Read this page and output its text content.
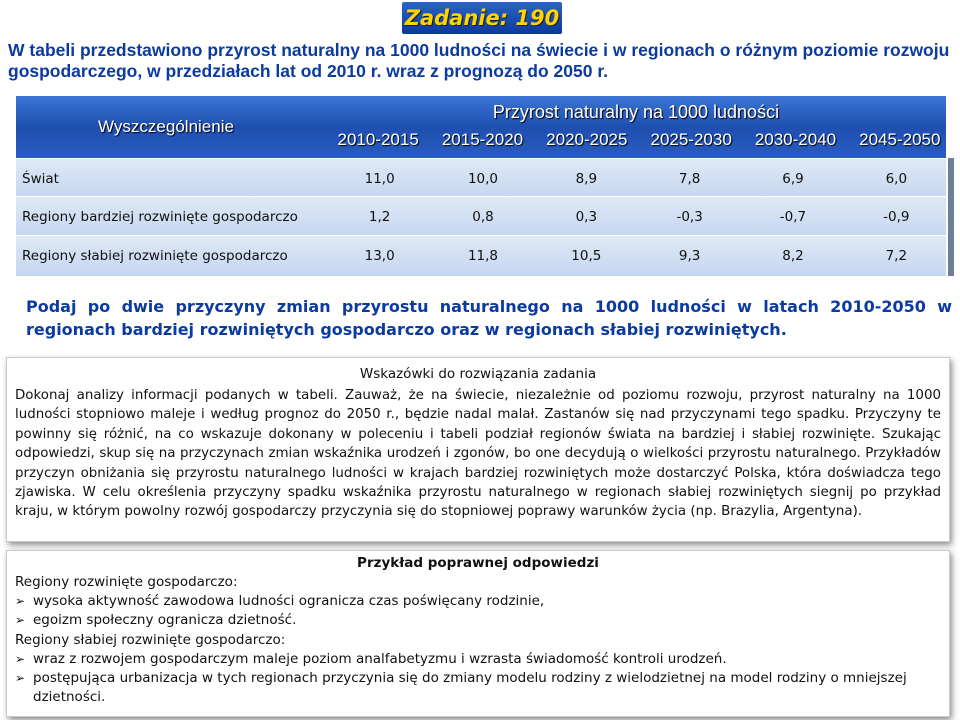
Zadanie: 190
W tabeli przedstawiono przyrost naturalny na 1000 ludności na świecie i w regionach o różnym poziomie rozwoju gospodarczego, w przedziałach lat od 2010 r. wraz z prognozą do 2050 r.
Wyszczególnienie
Przyrost naturalny na 1000 ludności
2010-2015	2015-2020	2020-2025	2025-2030	2030-2040	2045-2050
Świat	11,0	10,0	8,9	7,8	6,9	6,0
Regiony bardziej rozwinięte gospodarczo	1,2	0,8	0,3	-0,3	-0,7	-0,9
Regiony słabiej rozwinięte gospodarczo	13,0	11,8	10,5	9,3	8,2	7,2
Podaj po dwie przyczyny zmian przyrostu naturalnego na 1000 ludności w latach 2010-2050 w regionach bardziej rozwiniętych gospodarczo oraz w regionach słabiej rozwiniętych.
Wskazówki do rozwiązania zadania
Dokonaj analizy informacji podanych w tabeli. Zauważ, że na świecie, niezależnie od poziomu rozwoju, przyrost naturalny na 1000 ludności stopniowo maleje i według prognoz do 2050 r., będzie nadal malał. Zastanów się nad przyczynami tego spadku. Przyczyny te powinny się różnić, na co wskazuje dokonany w poleceniu i tabeli podział regionów świata na bardziej i słabiej rozwinięte. Szukając odpowiedzi, skup się na przyczynach zmian wskaźnika urodzeń i zgonów, bo one decydują o wielkości przyrostu naturalnego. Przykładów przyczyn obniżania się przyrostu naturalnego ludności w krajach bardziej rozwiniętych może dostarczyć Polska, która doświadcza tego zjawiska. W celu określenia przyczyny spadku wskaźnika przyrostu naturalnego w regionach słabiej rozwiniętych siegnij po przykład kraju, w którym powolny rozwój gospodarczy przyczynia się do stopniowej poprawy warunków życia (np. Brazylia, Argentyna).
Przykład poprawnej odpowiedzi
Regiony rozwinięte gospodarczo:
➢ wysoka aktywność zawodowa ludności ogranicza czas poświęcany rodzinie,
➢ egoizm społeczny ogranicza dzietność.
Regiony słabiej rozwinięte gospodarczo:
➢ wraz z rozwojem gospodarczym maleje poziom analfabetyzmu i wzrasta świadomość kontroli urodzeń.
➢ postępująca urbanizacja w tych regionach przyczynia się do zmiany modelu rodziny z wielodzietnej na model rodziny o mniejszej dzietności.
